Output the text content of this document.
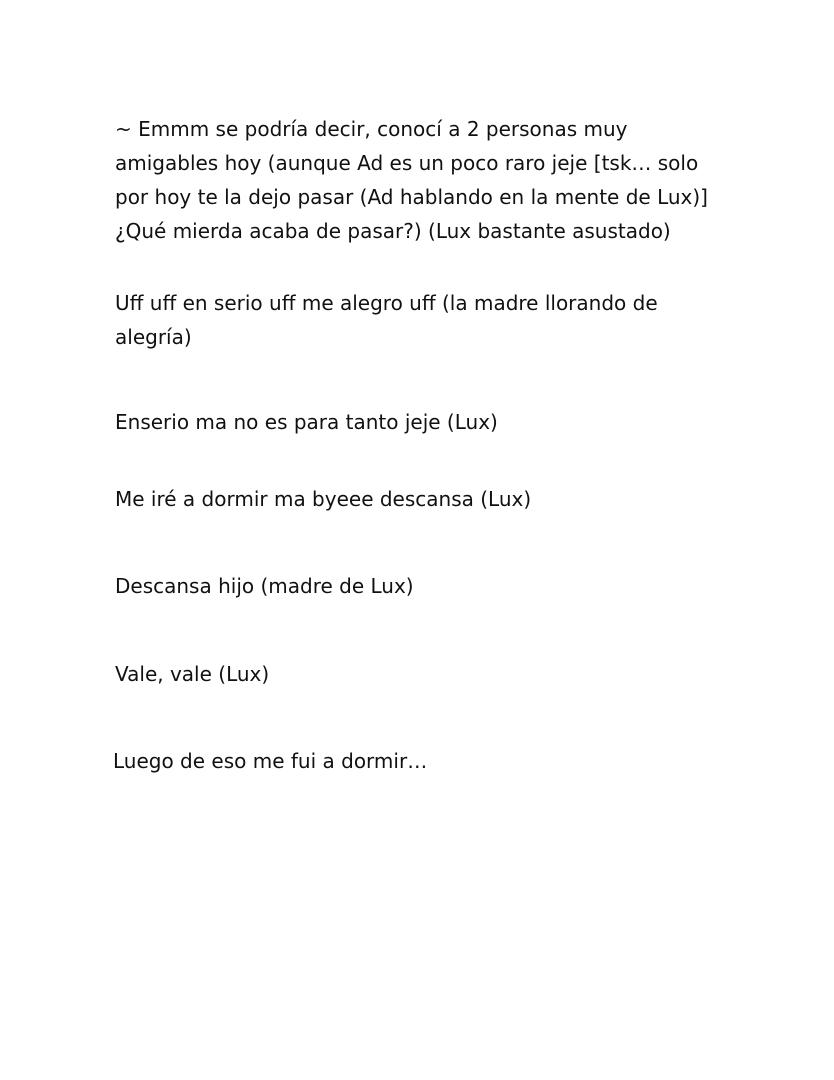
~ Emmm se podría decir, conocí a 2 personas muy amigables hoy (aunque Ad es un poco raro jeje [tsk… solo por hoy te la dejo pasar (Ad hablando en la mente de Lux)] ¿Qué mierda acaba de pasar?) (Lux bastante asustado)

Uff uff en serio uff me alegro uff (la madre llorando de alegría)

Enserio ma no es para tanto jeje (Lux)

Me iré a dormir ma byeee descansa (Lux)

Descansa hijo (madre de Lux)

Vale, vale (Lux)

Luego de eso me fui a dormir…
